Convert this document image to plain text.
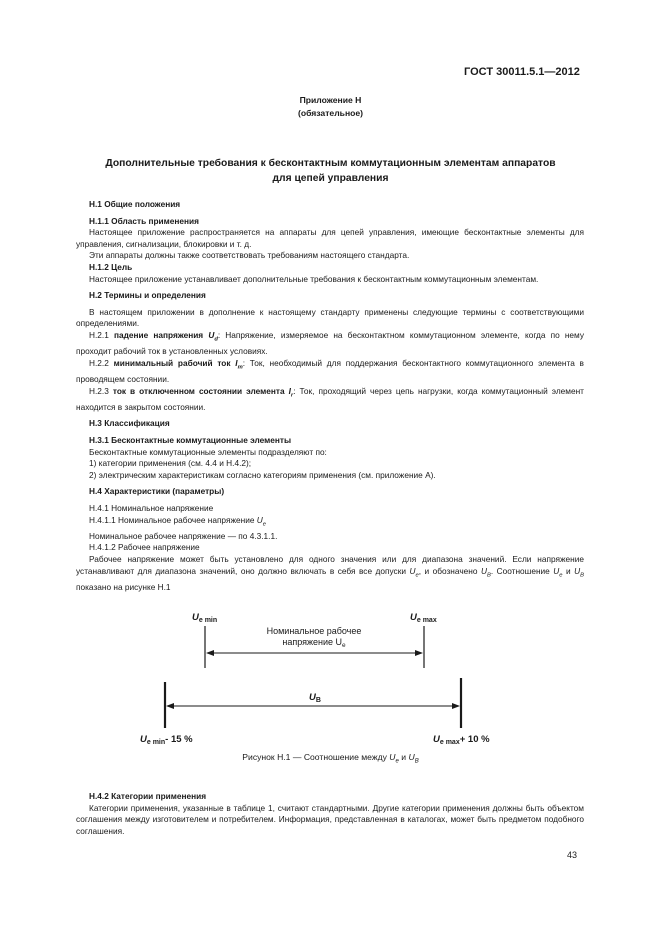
ГОСТ 30011.5.1—2012
Приложение Н
(обязательное)
Дополнительные требования к бесконтактным коммутационным элементам аппаратов
для цепей управления

Н.1 Общие положения

Н.1.1 Область применения

Настоящее приложение распространяется на аппараты для цепей управления, имеющие бесконтактные элементы для управления, сигнализации, блокировки и т. д.

Эти аппараты должны также соответствовать требованиям настоящего стандарта.

Н.1.2 Цель

Настоящее приложение устанавливает дополнительные требования к бесконтактным коммутационным элементам.

Н.2 Термины и определения

В настоящем приложении в дополнение к настоящему стандарту применены следующие термины с соответствующими определениями.

Н.2.1 падение напряжения $U_d$: Напряжение, измеряемое на бесконтактном коммутационном элементе, когда по нему проходит рабочий ток в установленных условиях.

Н.2.2 минимальный рабочий ток $I_m$: Ток, необходимый для поддержания бесконтактного коммутационного элемента в проводящем состоянии.

Н.2.3 ток в отключенном состоянии элемента $I_r$: Ток, проходящий через цепь нагрузки, когда коммутационный элемент находится в закрытом состоянии.

Н.3 Классификация

Н.3.1 Бесконтактные коммутационные элементы

Бесконтактные коммутационные элементы подразделяют по:

1) категории применения (см. 4.4 и Н.4.2);

2) электрическим характеристикам согласно категориям применения (см. приложение А).

Н.4 Характеристики (параметры)

Н.4.1 Номинальное напряжение

Н.4.1.1 Номинальное рабочее напряжение $U_e$

Номинальное рабочее напряжение — по 4.3.1.1.

Н.4.1.2 Рабочее напряжение

Рабочее напряжение может быть установлено для одного значения или для диапазона значений. Если напряжение устанавливают для диапазона значений, оно должно включать в себя все допуски $U_e$, и обозначено $U_B$. Соотношение $U_e$ и $U_B$ показано на рисунке Н.1

$U_{e min}$	$U_{e max}$
Номинальное рабочее
напряжение $U_e$
$U_B$
$U_{e min}-$ 15 %	$U_{e max}+ 10$ %
Рисунок Н.1 — Соотношение между $U_e$ и $U_B$

Н.4.2 Категории применения

Категории применения, указанные в таблице 1, считают стандартными. Другие категории применения должны быть объектом соглашения между изготовителем и потребителем. Информация, представленная в каталогах, может быть предметом подобного соглашения.

43
